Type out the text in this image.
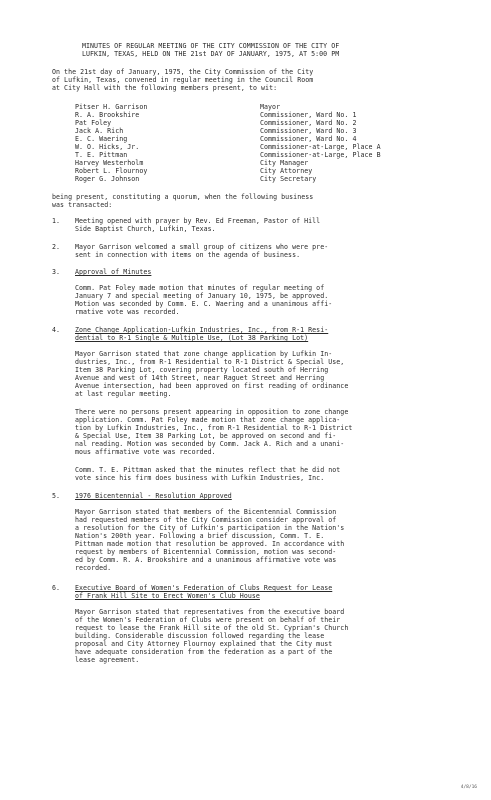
MINUTES OF REGULAR MEETING OF THE CITY COMMISSION OF THE CITY OF
LUFKIN, TEXAS, HELD ON THE 21st DAY OF JANUARY, 1975, AT 5:00 PM
On the 21st day of January, 1975, the City Commission of the City
of Lufkin, Texas, convened in regular meeting in the Council Room
at City Hall with the following members present, to wit:
Pitser H. Garrison	Mayor
R. A. Brookshire	Commissioner, Ward No. 1
Pat Foley	Commissioner, Ward No. 2
Jack A. Rich	Commissioner, Ward No. 3
E. C. Waering	Commissioner, Ward No. 4
W. O. Hicks, Jr.	Commissioner-at-Large, Place A
T. E. Pittman	Commissioner-at-Large, Place B
Harvey Westerholm	City Manager
Robert L. Flournoy	City Attorney
Roger G. Johnson	City Secretary
being present, constituting a quorum, when the following business
was transacted:
1. Meeting opened with prayer by Rev. Ed Freeman, Pastor of Hill
Side Baptist Church, Lufkin, Texas.
2. Mayor Garrison welcomed a small group of citizens who were pre-
sent in connection with items on the agenda of business.
3. Approval of Minutes
Comm. Pat Foley made motion that minutes of regular meeting of
January 7 and special meeting of January 10, 1975, be approved.
Motion was seconded by Comm. E. C. Waering and a unanimous affi-
rmative vote was recorded.
4. Zone Change Application-Lufkin Industries, Inc., from R-1 Resi-
dential to R-1 Single & Multiple Use, (Lot 38 Parking Lot)
Mayor Garrison stated that zone change application by Lufkin In-
dustries, Inc., from R-1 Residential to R-1 District & Special Use,
Item 38 Parking Lot, covering property located south of Herring
Avenue and west of 14th Street, near Raguet Street and Herring
Avenue intersection, had been approved on first reading of ordinance
at last regular meeting.
There were no persons present appearing in opposition to zone change
application. Comm. Pat Foley made motion that zone change applica-
tion by Lufkin Industries, Inc., from R-1 Residential to R-1 District
& Special Use, Item 38 Parking Lot, be approved on second and fi-
nal reading. Motion was seconded by Comm. Jack A. Rich and a unani-
mous affirmative vote was recorded.
Comm. T. E. Pittman asked that the minutes reflect that he did not
vote since his firm does business with Lufkin Industries, Inc.
5. 1976 Bicentennial - Resolution Approved
Mayor Garrison stated that members of the Bicentennial Commission
had requested members of the City Commission consider approval of
a resolution for the City of Lufkin's participation in the Nation's
Nation's 200th year. Following a brief discussion, Comm. T. E.
Pittman made motion that resolution be approved. In accordance with
request by members of Bicentennial Commission, motion was second-
ed by Comm. R. A. Brookshire and a unanimous affirmative vote was
recorded.
6. Executive Board of Women's Federation of Clubs Request for Lease
of Frank Hill Site to Erect Women's Club House
Mayor Garrison stated that representatives from the executive board
of the Women's Federation of Clubs were present on behalf of their
request to lease the Frank Hill site of the old St. Cyprian's Church
building. Considerable discussion followed regarding the lease
proposal and City Attorney Flournoy explained that the City must
have adequate consideration from the federation as a part of the
lease agreement.
4/8/16
